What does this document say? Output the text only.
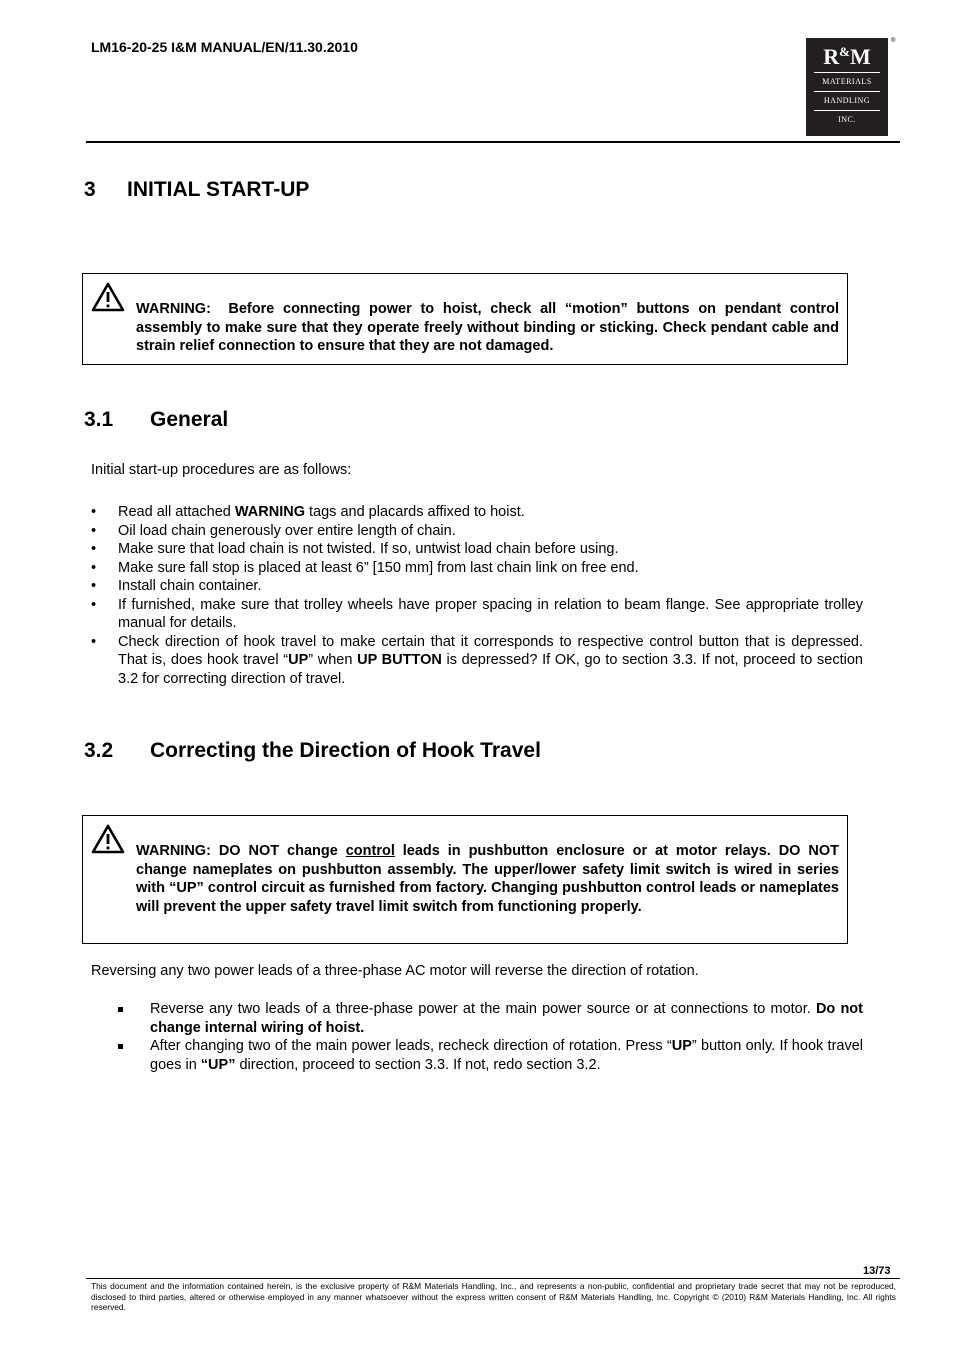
LM16-20-25 I&M MANUAL/EN/11.30.2010	R&M
MATERIALS
HANDLING
INC.
®
3 INITIAL START-UP
WARNING: Before connecting power to hoist, check all “motion” buttons on pendant control assembly to make sure that they operate freely without binding or sticking. Check pendant cable and strain relief connection to ensure that they are not damaged.
3.1 General
Initial start-up procedures are as follows:
• Read all attached WARNING tags and placards affixed to hoist.
• Oil load chain generously over entire length of chain.
• Make sure that load chain is not twisted. If so, untwist load chain before using.
• Make sure fall stop is placed at least 6” [150 mm] from last chain link on free end.
• Install chain container.
• If furnished, make sure that trolley wheels have proper spacing in relation to beam flange. See appropriate trolley manual for details.
• Check direction of hook travel to make certain that it corresponds to respective control button that is depressed. That is, does hook travel “UP” when UP BUTTON is depressed? If OK, go to section 3.3. If not, proceed to section 3.2 for correcting direction of travel.
3.2 Correcting the Direction of Hook Travel
WARNING: DO NOT change control leads in pushbutton enclosure or at motor relays. DO NOT change nameplates on pushbutton assembly. The upper/lower safety limit switch is wired in series with “UP” control circuit as furnished from factory. Changing pushbutton control leads or nameplates will prevent the upper safety travel limit switch from functioning properly.
Reversing any two power leads of a three-phase AC motor will reverse the direction of rotation.
Reverse any two leads of a three-phase power at the main power source or at connections to motor. Do not change internal wiring of hoist.
After changing two of the main power leads, recheck direction of rotation. Press “UP” button only. If hook travel goes in “UP” direction, proceed to section 3.3. If not, redo section 3.2.
13/73
This document and the information contained herein, is the exclusive property of R&M Materials Handling, Inc., and represents a non-public, confidential and proprietary trade secret that may not be reproduced, disclosed to third parties, altered or otherwise employed in any manner whatsoever without the express written consent of R&M Materials Handling, Inc. Copyright © (2010) R&M Materials Handling, Inc. All rights reserved.
